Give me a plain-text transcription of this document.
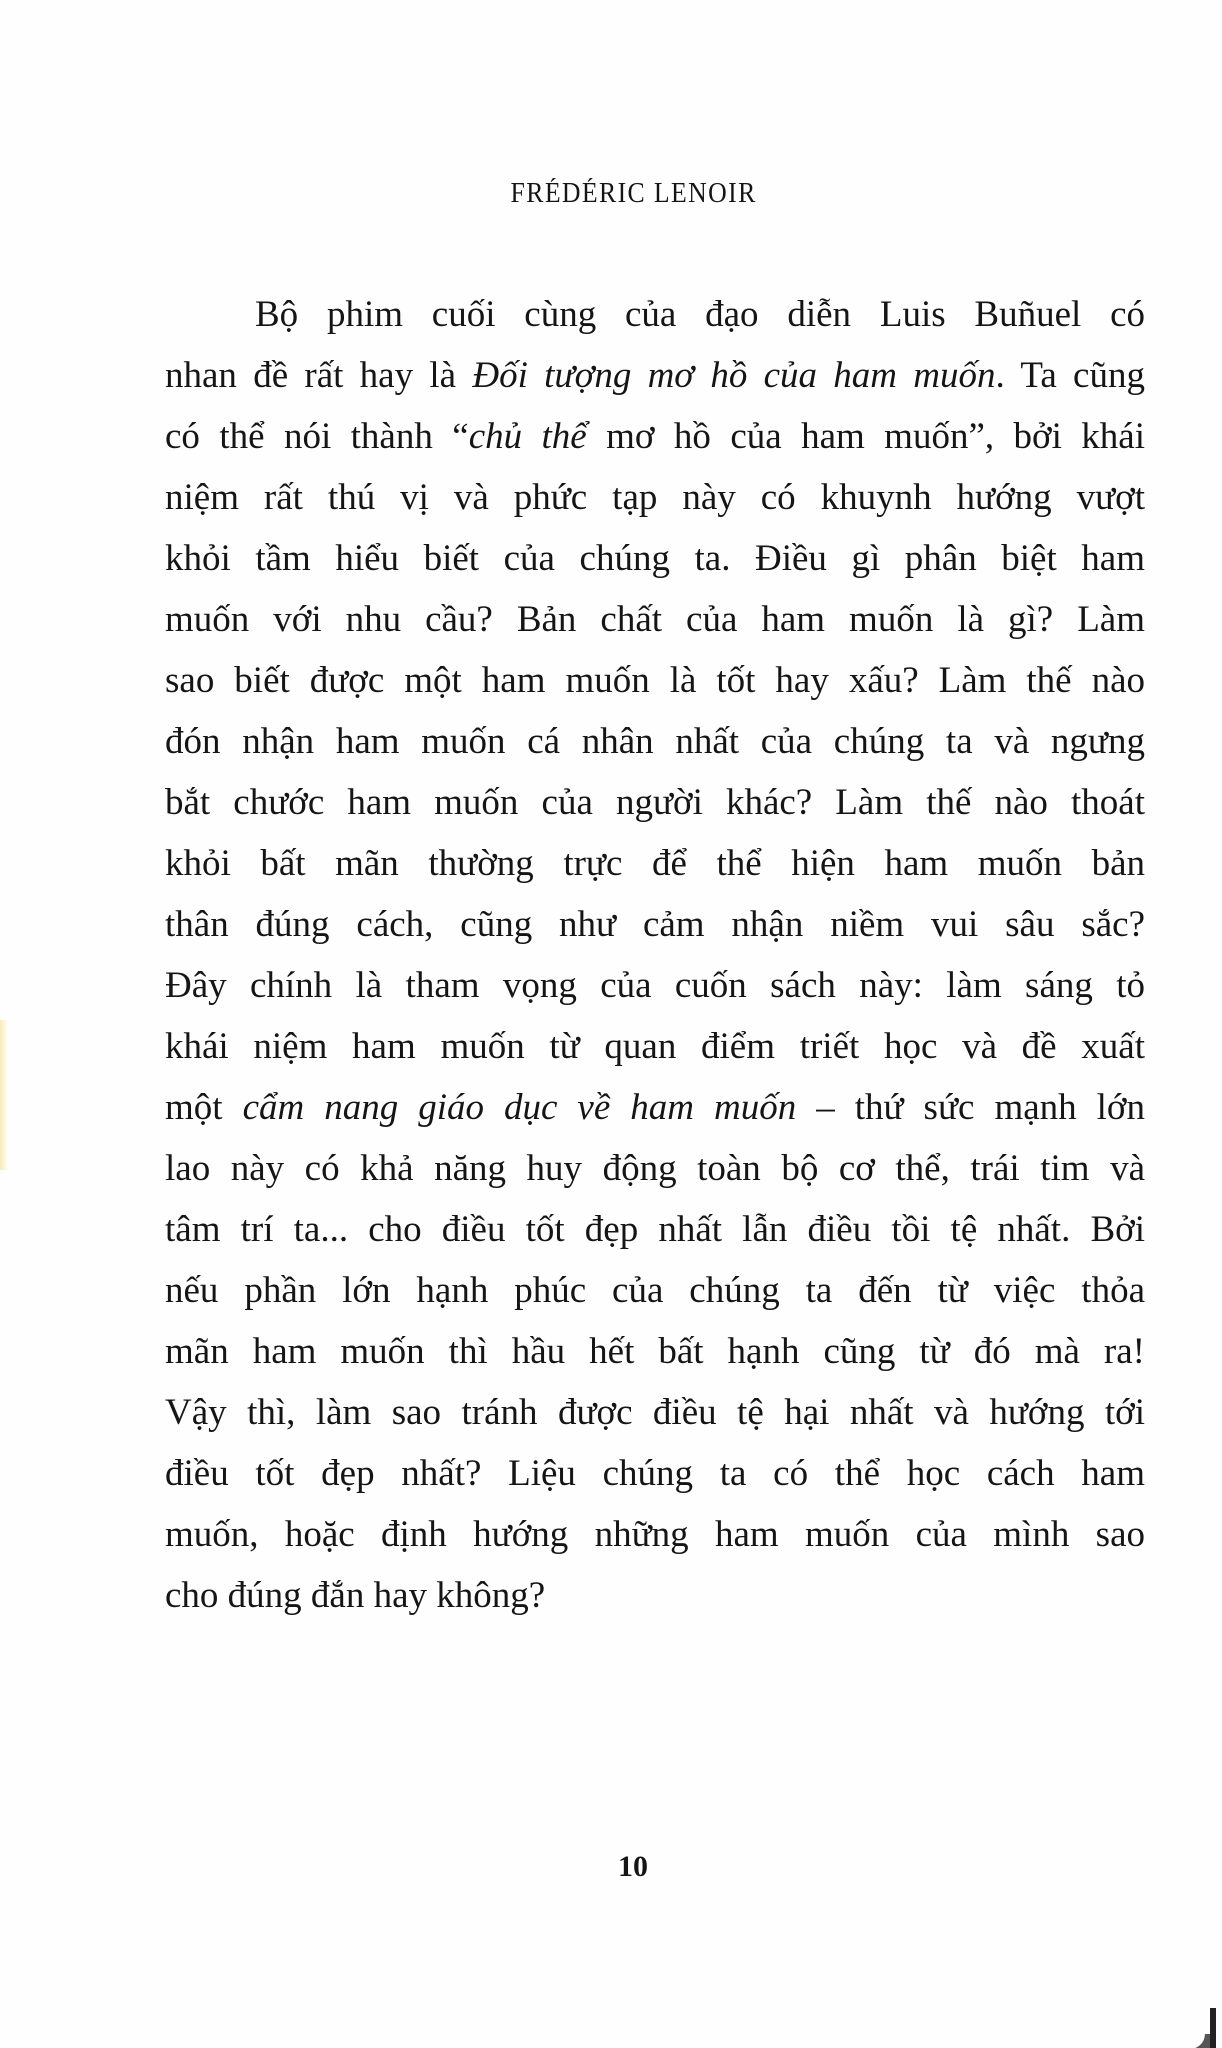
FRÉDÉRIC LENOIR
Bộ phim cuối cùng của đạo diễn Luis Buñuel có
nhan đề rất hay là Đối tượng mơ hồ của ham muốn. Ta cũng
có thể nói thành “chủ thể mơ hồ của ham muốn”, bởi khái
niệm rất thú vị và phức tạp này có khuynh hướng vượt
khỏi tầm hiểu biết của chúng ta. Điều gì phân biệt ham
muốn với nhu cầu? Bản chất của ham muốn là gì? Làm
sao biết được một ham muốn là tốt hay xấu? Làm thế nào
đón nhận ham muốn cá nhân nhất của chúng ta và ngưng
bắt chước ham muốn của người khác? Làm thế nào thoát
khỏi bất mãn thường trực để thể hiện ham muốn bản
thân đúng cách, cũng như cảm nhận niềm vui sâu sắc?
Đây chính là tham vọng của cuốn sách này: làm sáng tỏ
khái niệm ham muốn từ quan điểm triết học và đề xuất
một cẩm nang giáo dục về ham muốn – thứ sức mạnh lớn
lao này có khả năng huy động toàn bộ cơ thể, trái tim và
tâm trí ta... cho điều tốt đẹp nhất lẫn điều tồi tệ nhất. Bởi
nếu phần lớn hạnh phúc của chúng ta đến từ việc thỏa
mãn ham muốn thì hầu hết bất hạnh cũng từ đó mà ra!
Vậy thì, làm sao tránh được điều tệ hại nhất và hướng tới
điều tốt đẹp nhất? Liệu chúng ta có thể học cách ham
muốn, hoặc định hướng những ham muốn của mình sao
cho đúng đắn hay không?
10
